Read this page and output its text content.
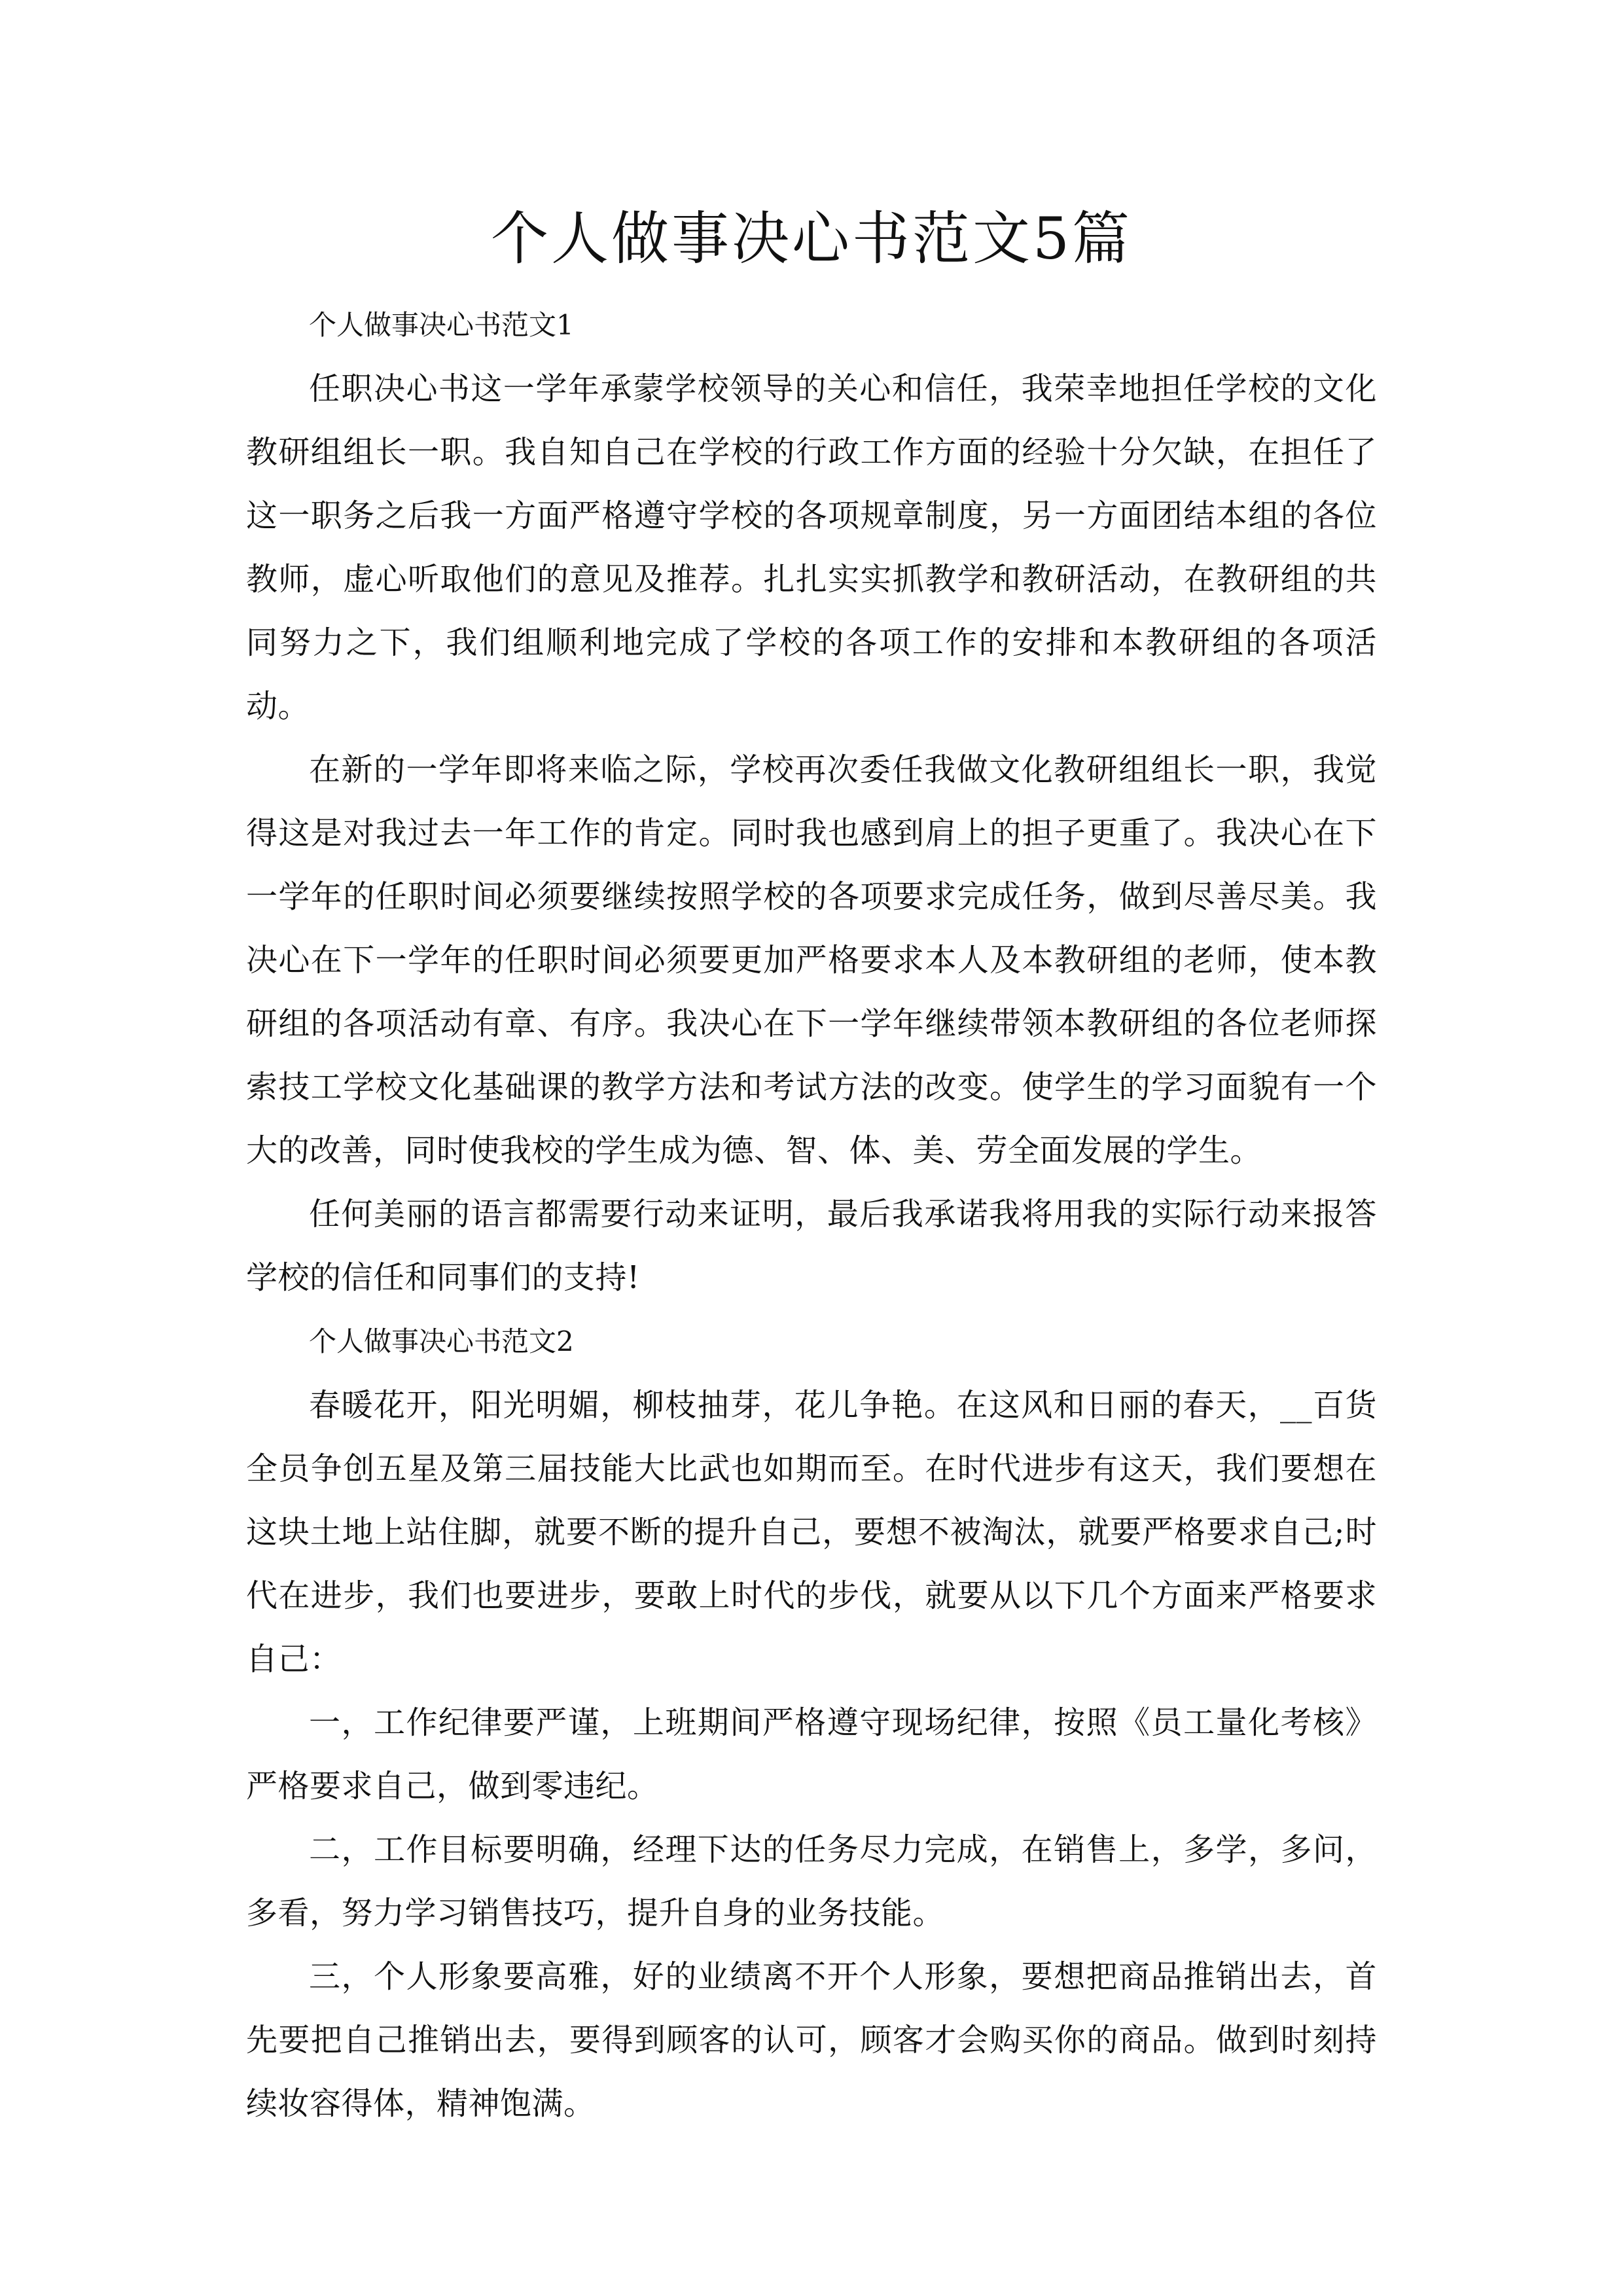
个人做事决心书范文5篇

个人做事决心书范文1

任职决心书这一学年承蒙学校领导的关心和信任，我荣幸地担任学校的文化教研组组长一职。我自知自己在学校的行政工作方面的经验十分欠缺，在担任了这一职务之后我一方面严格遵守学校的各项规章制度，另一方面团结本组的各位教师，虚心听取他们的意见及推荐。扎扎实实抓教学和教研活动，在教研组的共同努力之下，我们组顺利地完成了学校的各项工作的安排和本教研组的各项活动。

在新的一学年即将来临之际，学校再次委任我做文化教研组组长一职，我觉得这是对我过去一年工作的肯定。同时我也感到肩上的担子更重了。我决心在下一学年的任职时间必须要继续按照学校的各项要求完成任务，做到尽善尽美。我决心在下一学年的任职时间必须要更加严格要求本人及本教研组的老师，使本教研组的各项活动有章、有序。我决心在下一学年继续带领本教研组的各位老师探索技工学校文化基础课的教学方法和考试方法的改变。使学生的学习面貌有一个大的改善，同时使我校的学生成为德、智、体、美、劳全面发展的学生。

任何美丽的语言都需要行动来证明，最后我承诺我将用我的实际行动来报答学校的信任和同事们的支持!

个人做事决心书范文2

春暖花开，阳光明媚，柳枝抽芽，花儿争艳。在这风和日丽的春天，__百货全员争创五星及第三届技能大比武也如期而至。在时代进步有这天，我们要想在这块土地上站住脚，就要不断的提升自己，要想不被淘汰，就要严格要求自己;时代在进步，我们也要进步，要敢上时代的步伐，就要从以下几个方面来严格要求自己：

一，工作纪律要严谨，上班期间严格遵守现场纪律，按照《员工量化考核》严格要求自己，做到零违纪。

二，工作目标要明确，经理下达的任务尽力完成，在销售上，多学，多问，多看，努力学习销售技巧，提升自身的业务技能。

三，个人形象要高雅，好的业绩离不开个人形象，要想把商品推销出去，首先要把自己推销出去，要得到顾客的认可，顾客才会购买你的商品。做到时刻持续妆容得体，精神饱满。
